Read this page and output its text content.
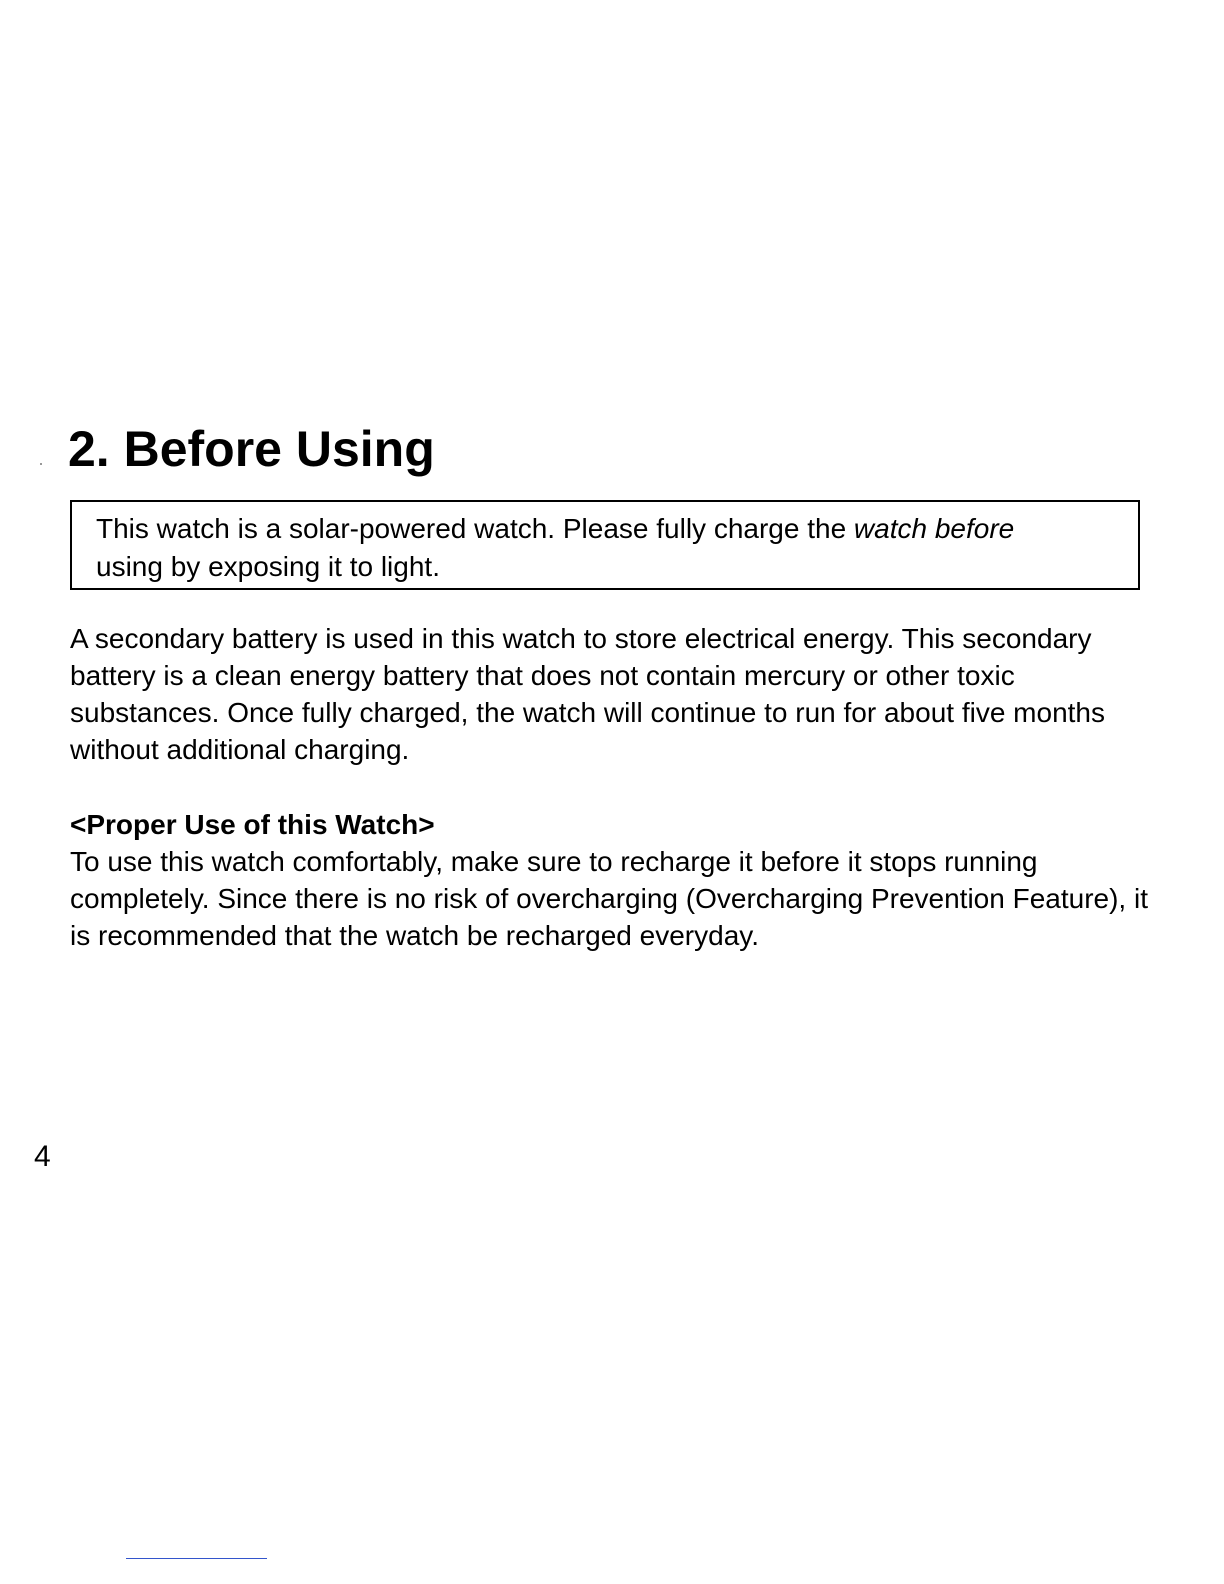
2. Before Using

This watch is a solar-powered watch. Please fully charge the watch before
using by exposing it to light.

A secondary battery is used in this watch to store electrical energy. This secondary battery is a clean energy battery that does not contain mercury or other toxic substances. Once fully charged, the watch will continue to run for about five months without additional charging.

<Proper Use of this Watch>

To use this watch comfortably, make sure to recharge it before it stops running completely. Since there is no risk of overcharging (Overcharging Prevention Feature), it is recommended that the watch be recharged everyday.

4
